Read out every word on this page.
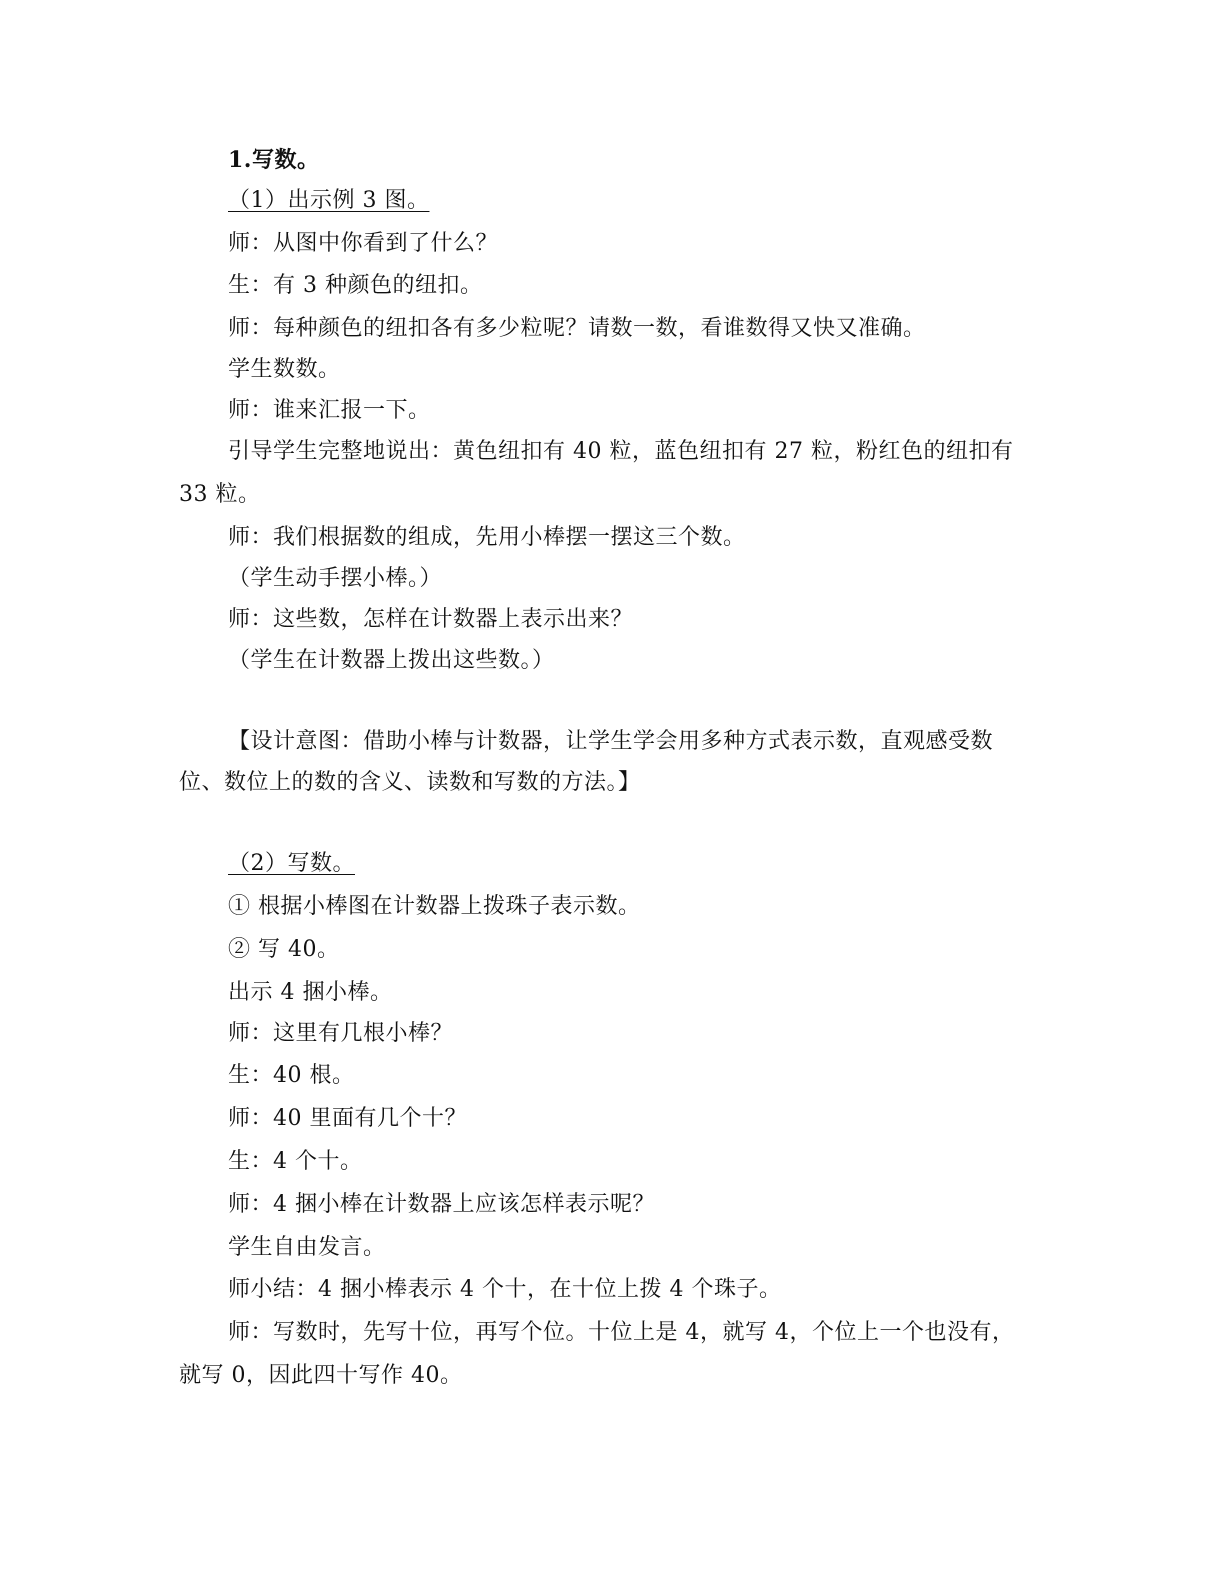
1.写数。
（1）出示例 3 图。
师：从图中你看到了什么？
生：有 3 种颜色的纽扣。
师：每种颜色的纽扣各有多少粒呢？请数一数，看谁数得又快又准确。
学生数数。
师：谁来汇报一下。
引导学生完整地说出：黄色纽扣有 40 粒，蓝色纽扣有 27 粒，粉红色的纽扣有
33 粒。
师：我们根据数的组成，先用小棒摆一摆这三个数。
（学生动手摆小棒。）
师：这些数，怎样在计数器上表示出来？
（学生在计数器上拨出这些数。）
【设计意图：借助小棒与计数器，让学生学会用多种方式表示数，直观感受数
位、数位上的数的含义、读数和写数的方法。】
（2）写数。
① 根据小棒图在计数器上拨珠子表示数。
② 写 40。
出示 4 捆小棒。
师：这里有几根小棒？
生：40 根。
师：40 里面有几个十？
生：4 个十。
师：4 捆小棒在计数器上应该怎样表示呢？
学生自由发言。
师小结：4 捆小棒表示 4 个十，在十位上拨 4 个珠子。
师：写数时，先写十位，再写个位。十位上是 4，就写 4，个位上一个也没有，
就写 0，因此四十写作 40。
